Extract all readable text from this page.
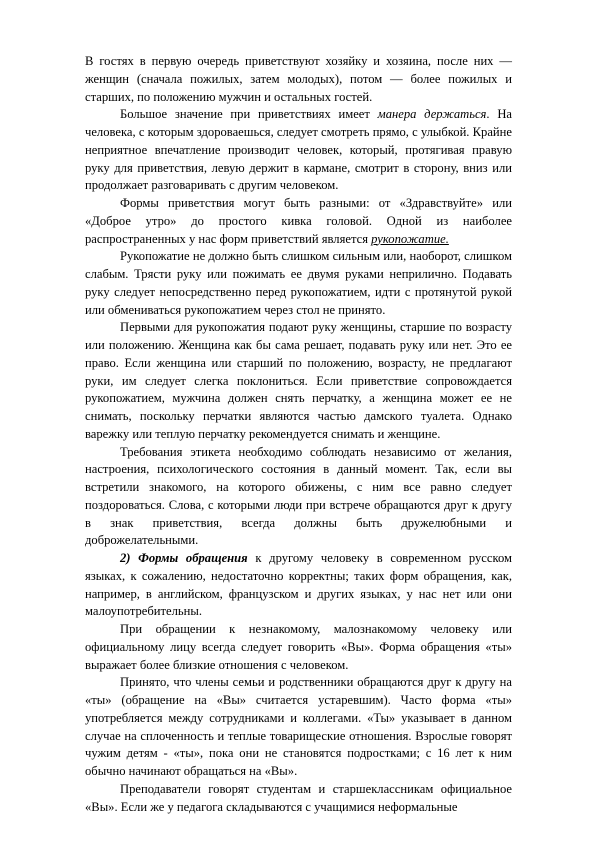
В гостях в первую очередь приветствуют хозяйку и хозяина, после них — женщин (сначала пожилых, затем молодых), потом — более пожилых и старших, по положению мужчин и остальных гостей.

Большое значение при приветствиях имеет манера держаться. На человека, с которым здороваешься, следует смотреть прямо, с улыбкой. Крайне неприятное впечатление производит человек, который, протягивая правую руку для приветствия, левую держит в кармане, смотрит в сторону, вниз или продолжает разговаривать с другим человеком.

Формы приветствия могут быть разными: от «Здравствуйте» или «Доброе утро» до простого кивка головой. Одной из наиболее распространенных у нас форм приветствий является рукопожатие.

Рукопожатие не должно быть слишком сильным или, наоборот, слишком слабым. Трясти руку или пожимать ее двумя руками неприлично. Подавать руку следует непосредственно перед рукопожатием, идти с протянутой рукой или обмениваться рукопожатием через стол не принято.

Первыми для рукопожатия подают руку женщины, старшие по возрасту или положению. Женщина как бы сама решает, подавать руку или нет. Это ее право. Если женщина или старший по положению, возрасту, не предлагают руки, им следует слегка поклониться. Если приветствие сопровождается рукопожатием, мужчина должен снять перчатку, а женщина может ее не снимать, поскольку перчатки являются частью дамского туалета. Однако варежку или теплую перчатку рекомендуется снимать и женщине.

Требования этикета необходимо соблюдать независимо от желания, настроения, психологического состояния в данный момент. Так, если вы встретили знакомого, на которого обижены, с ним все равно следует поздороваться. Слова, с которыми люди при встрече обращаются друг к другу в знак приветствия, всегда должны быть дружелюбными и доброжелательными.

2) Формы обращения к другому человеку в современном русском языках, к сожалению, недостаточно корректны; таких форм обращения, как, например, в английском, французском и других языках, у нас нет или они малоупотребительны.

При обращении к незнакомому, малознакомому человеку или официальному лицу всегда следует говорить «Вы». Форма обращения «ты» выражает более близкие отношения с человеком.

Принято, что члены семьи и родственники обращаются друг к другу на «ты» (обращение на «Вы» считается устаревшим). Часто форма «ты» употребляется между сотрудниками и коллегами. «Ты» указывает в данном случае на сплоченность и теплые товарищеские отношения. Взрослые говорят чужим детям - «ты», пока они не становятся подростками; с 16 лет к ним обычно начинают обращаться на «Вы».

Преподаватели говорят студентам и старшеклассникам официальное «Вы». Если же у педагога складываются с учащимися неформальные
